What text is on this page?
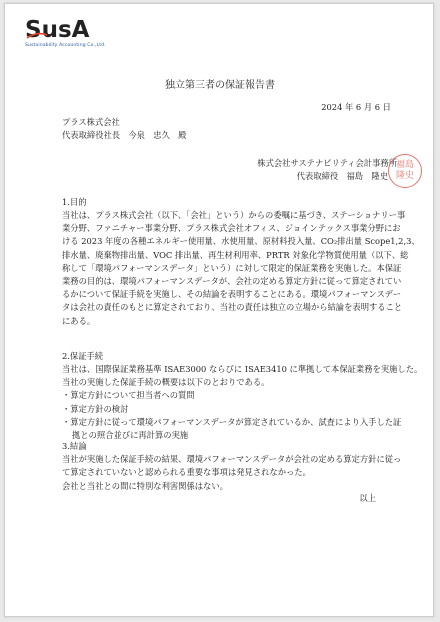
SusA
Sustainability Accounting Co.,Ltd.
独立第三者の保証報告書
2024 年 6 月 6 日
プラス株式会社
代表取締役社長　今泉　忠久　殿
株式会社サステナビリティ会計事務所
代表取締役　福島　隆史
福島
隆史
1.目的
当社は、プラス株式会社（以下、「会社」という）からの委嘱に基づき、ステーショナリー事
業分野、ファニチャー事業分野、プラス株式会社オフィス、ジョインテックス事業分野にお
ける 2023 年度の各種エネルギー使用量、水使用量、原材料投入量、CO₂排出量 Scope1,2,3、
排水量、廃棄物排出量、VOC 排出量、再生材利用率、PRTR 対象化学物質使用量（以下、総
称して「環境パフォーマンスデータ」という）に対して限定的保証業務を実施した。本保証
業務の目的は、環境パフォーマンスデータが、会社の定める算定方針に従って算定されてい
るかについて保証手続を実施し、その結論を表明することにある。環境パフォーマンスデー
タは会社の責任のもとに算定されており、当社の責任は独立の立場から結論を表明すること
にある。
2.保証手続
当社は、国際保証業務基準 ISAE3000 ならびに ISAE3410 に準拠して本保証業務を実施した。
当社の実施した保証手続の概要は以下のとおりである。
・算定方針について担当者への質問
・算定方針の検討
・算定方針に従って環境パフォーマンスデータが算定されているか、試査により入手した証
拠との照合並びに再計算の実施
3.結論
当社が実施した保証手続の結果、環境パフォーマンスデータが会社の定める算定方針に従っ
て算定されていないと認められる重要な事項は発見されなかった。
会社と当社との間に特別な利害関係はない。
以上
